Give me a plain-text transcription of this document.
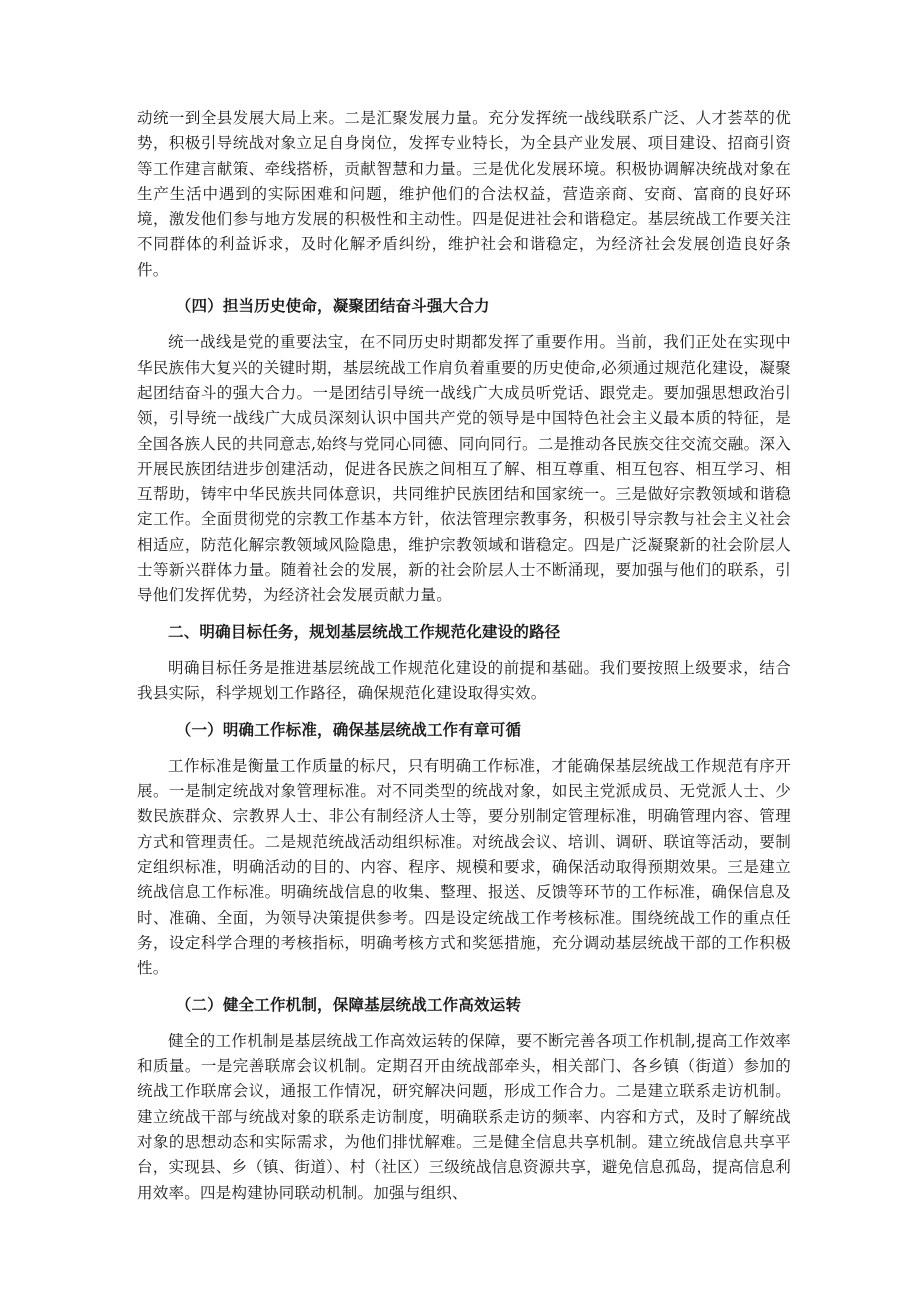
动统一到全县发展大局上来。二是汇聚发展力量。充分发挥统一战线联系广泛、人才荟萃的优势，积极引导统战对象立足自身岗位，发挥专业特长，为全县产业发展、项目建设、招商引资等工作建言献策、牵线搭桥，贡献智慧和力量。三是优化发展环境。积极协调解决统战对象在生产生活中遇到的实际困难和问题，维护他们的合法权益，营造亲商、安商、富商的良好环境，激发他们参与地方发展的积极性和主动性。四是促进社会和谐稳定。基层统战工作要关注不同群体的利益诉求，及时化解矛盾纠纷，维护社会和谐稳定，为经济社会发展创造良好条件。

（四）担当历史使命，凝聚团结奋斗强大合力

统一战线是党的重要法宝，在不同历史时期都发挥了重要作用。当前，我们正处在实现中华民族伟大复兴的关键时期，基层统战工作肩负着重要的历史使命,必须通过规范化建设，凝聚起团结奋斗的强大合力。一是团结引导统一战线广大成员听党话、跟党走。要加强思想政治引领，引导统一战线广大成员深刻认识中国共产党的领导是中国特色社会主义最本质的特征，是全国各族人民的共同意志,始终与党同心同德、同向同行。二是推动各民族交往交流交融。深入开展民族团结进步创建活动，促进各民族之间相互了解、相互尊重、相互包容、相互学习、相互帮助，铸牢中华民族共同体意识，共同维护民族团结和国家统一。三是做好宗教领域和谐稳定工作。全面贯彻党的宗教工作基本方针，依法管理宗教事务，积极引导宗教与社会主义社会相适应，防范化解宗教领域风险隐患，维护宗教领域和谐稳定。四是广泛凝聚新的社会阶层人士等新兴群体力量。随着社会的发展，新的社会阶层人士不断涌现，要加强与他们的联系，引导他们发挥优势，为经济社会发展贡献力量。

二、明确目标任务，规划基层统战工作规范化建设的路径

明确目标任务是推进基层统战工作规范化建设的前提和基础。我们要按照上级要求，结合我县实际，科学规划工作路径，确保规范化建设取得实效。

（一）明确工作标准，确保基层统战工作有章可循

工作标准是衡量工作质量的标尺，只有明确工作标准，才能确保基层统战工作规范有序开展。一是制定统战对象管理标准。对不同类型的统战对象，如民主党派成员、无党派人士、少数民族群众、宗教界人士、非公有制经济人士等，要分别制定管理标准，明确管理内容、管理方式和管理责任。二是规范统战活动组织标准。对统战会议、培训、调研、联谊等活动，要制定组织标准，明确活动的目的、内容、程序、规模和要求，确保活动取得预期效果。三是建立统战信息工作标准。明确统战信息的收集、整理、报送、反馈等环节的工作标准，确保信息及时、准确、全面，为领导决策提供参考。四是设定统战工作考核标准。围绕统战工作的重点任务，设定科学合理的考核指标，明确考核方式和奖惩措施，充分调动基层统战干部的工作积极性。

（二）健全工作机制，保障基层统战工作高效运转

健全的工作机制是基层统战工作高效运转的保障，要不断完善各项工作机制,提高工作效率和质量。一是完善联席会议机制。定期召开由统战部牵头，相关部门、各乡镇（街道）参加的统战工作联席会议，通报工作情况，研究解决问题，形成工作合力。二是建立联系走访机制。建立统战干部与统战对象的联系走访制度，明确联系走访的频率、内容和方式，及时了解统战对象的思想动态和实际需求，为他们排忧解难。三是健全信息共享机制。建立统战信息共享平台，实现县、乡（镇、街道）、村（社区）三级统战信息资源共享，避免信息孤岛，提高信息利用效率。四是构建协同联动机制。加强与组织、
